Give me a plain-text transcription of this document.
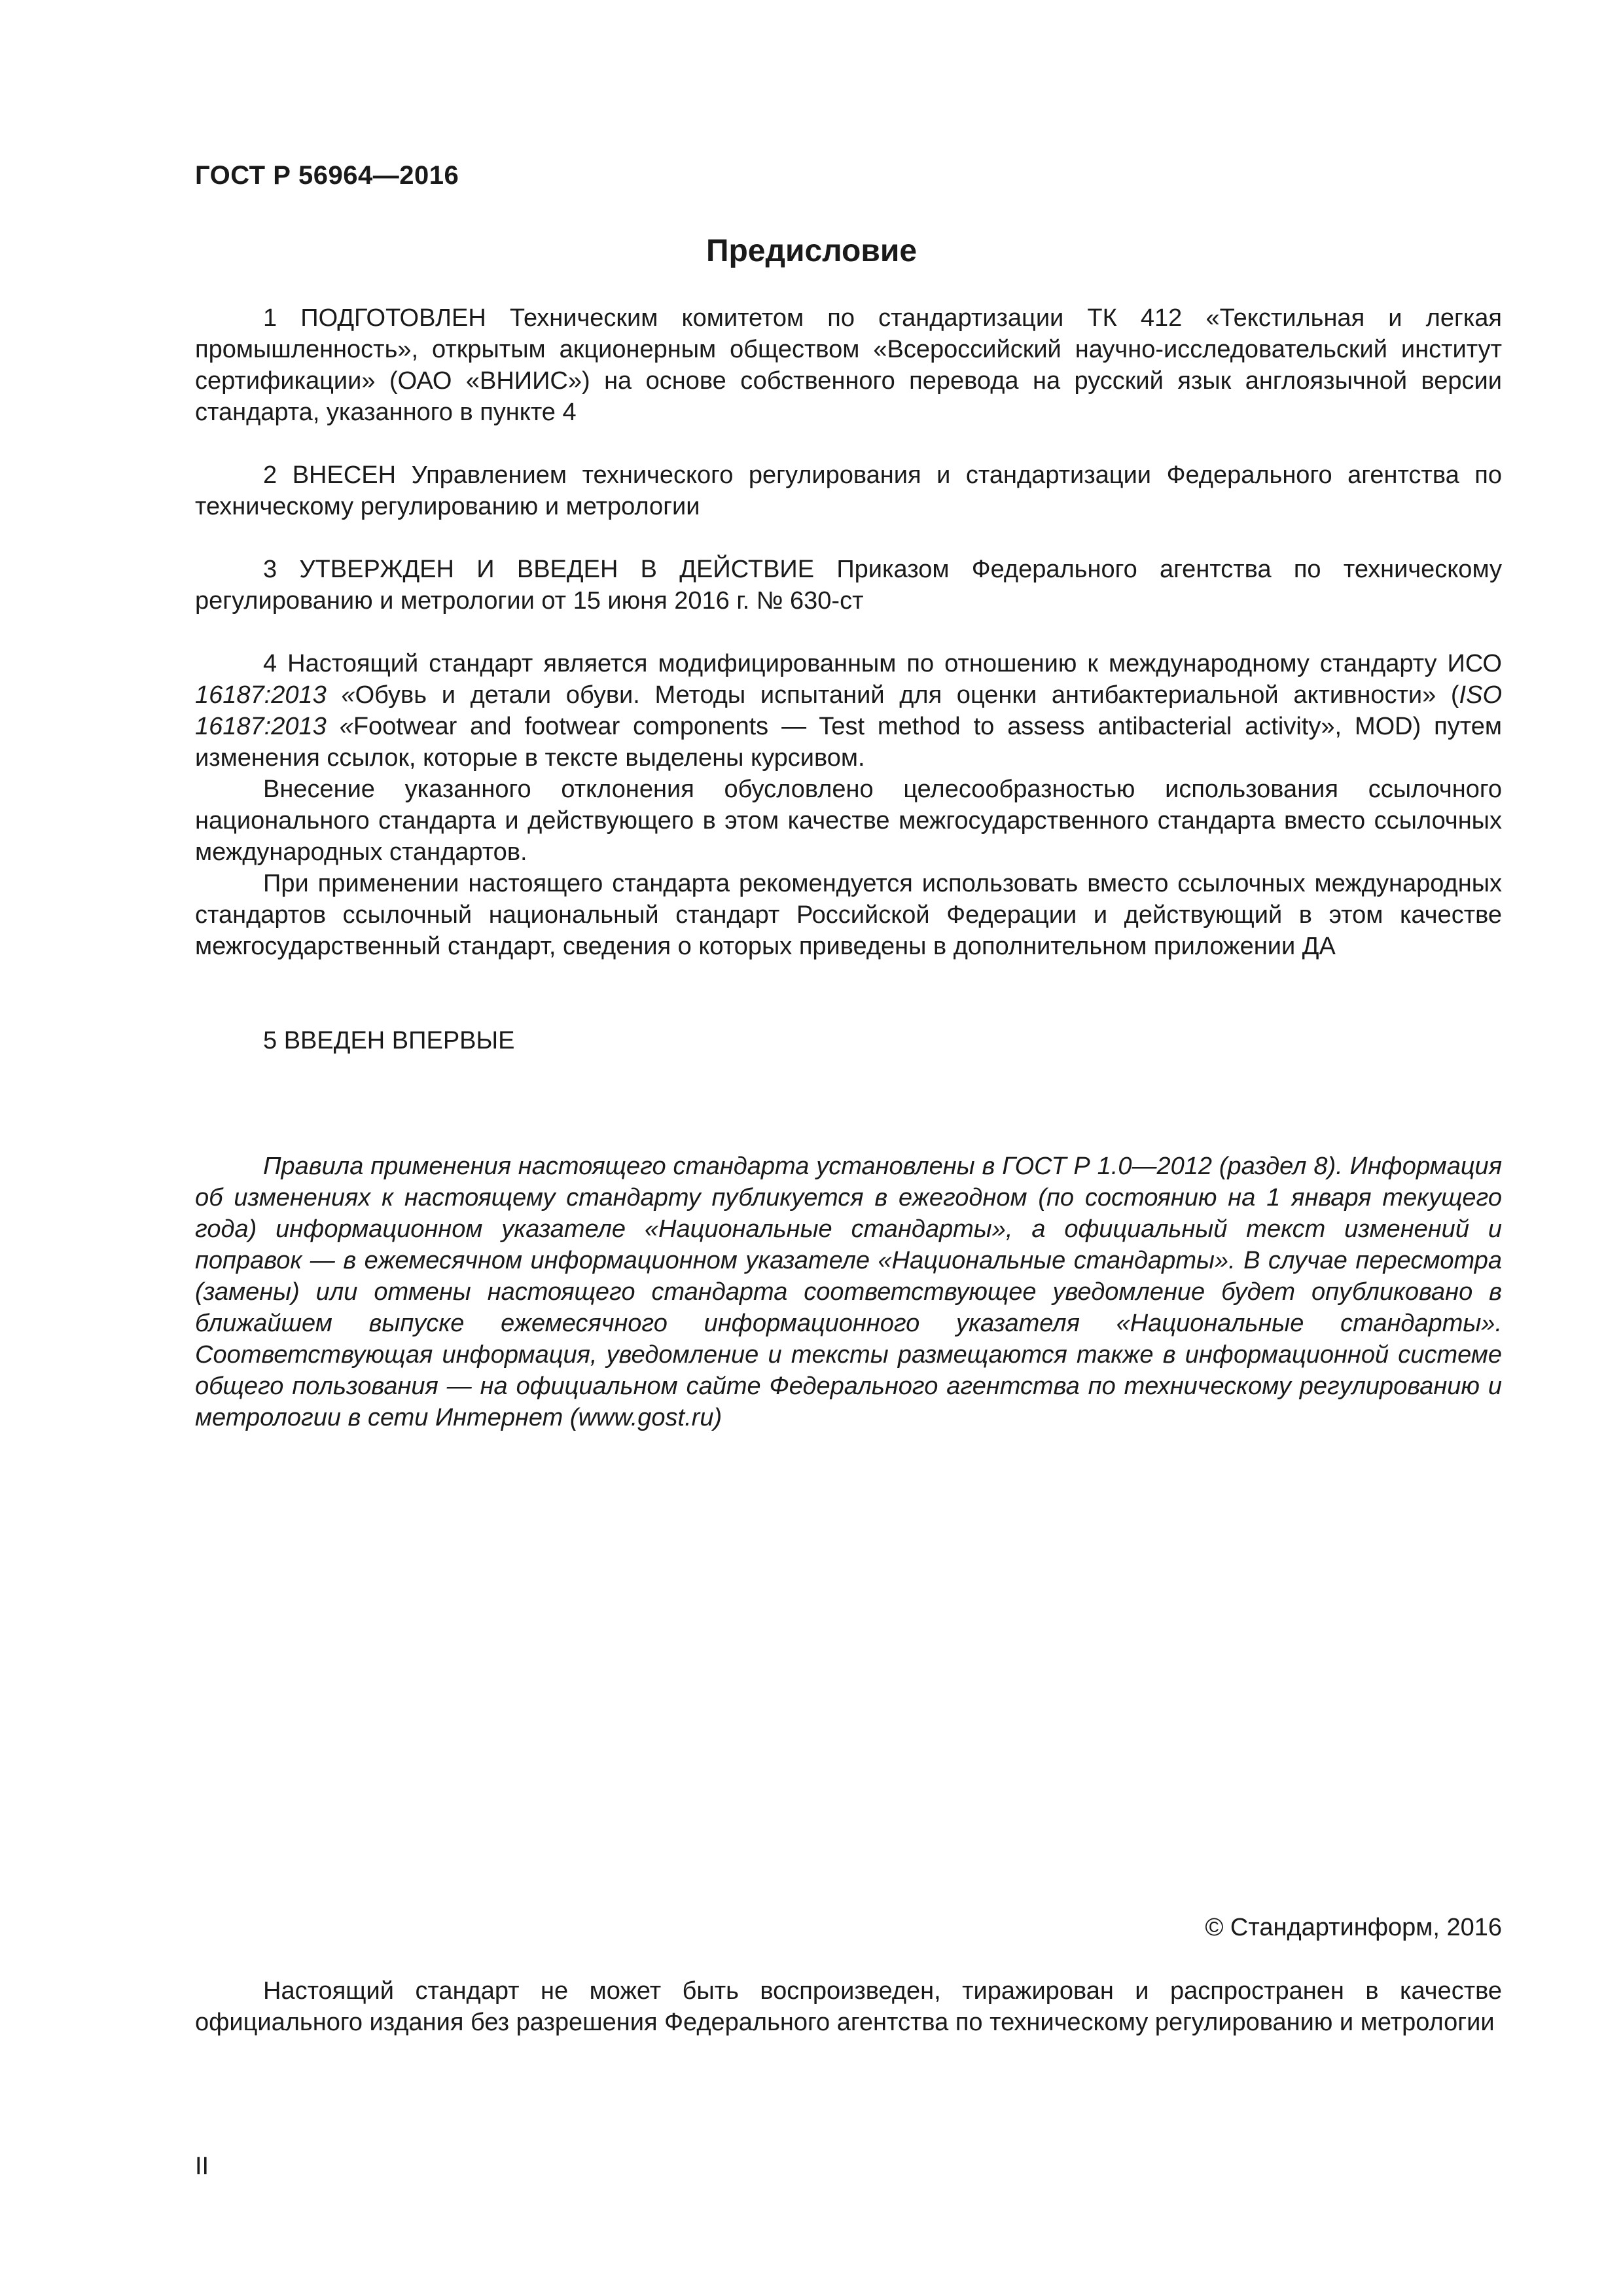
ГОСТ Р 56964—2016
Предисловие

1 ПОДГОТОВЛЕН Техническим комитетом по стандартизации ТК 412 «Текстильная и легкая промышленность», открытым акционерным обществом «Всероссийский научно-исследовательский институт сертификации» (ОАО «ВНИИС») на основе собственного перевода на русский язык англоязычной версии стандарта, указанного в пункте 4

2 ВНЕСЕН Управлением технического регулирования и стандартизации Федерального агентства по техническому регулированию и метрологии

3 УТВЕРЖДЕН И ВВЕДЕН В ДЕЙСТВИЕ Приказом Федерального агентства по техническому регулированию и метрологии от 15 июня 2016 г. № 630-ст

4 Настоящий стандарт является модифицированным по отношению к международному стандарту ИСО 16187:2013 «Обувь и детали обуви. Методы испытаний для оценки антибактериальной активности» (ISO 16187:2013 «Footwear and footwear components — Test method to assess antibacterial activity», MOD) путем изменения ссылок, которые в тексте выделены курсивом.

Внесение указанного отклонения обусловлено целесообразностью использования ссылочного национального стандарта и действующего в этом качестве межгосударственного стандарта вместо ссылочных международных стандартов.

При применении настоящего стандарта рекомендуется использовать вместо ссылочных международных стандартов ссылочный национальный стандарт Российской Федерации и действующий в этом качестве межгосударственный стандарт, сведения о которых приведены в дополнительном приложении ДА

5 ВВЕДЕН ВПЕРВЫЕ

Правила применения настоящего стандарта установлены в ГОСТ Р 1.0—2012 (раздел 8). Информация об изменениях к настоящему стандарту публикуется в ежегодном (по состоянию на 1 января текущего года) информационном указателе «Национальные стандарты», а официальный текст изменений и поправок — в ежемесячном информационном указателе «Национальные стандарты». В случае пересмотра (замены) или отмены настоящего стандарта соответствующее уведомление будет опубликовано в ближайшем выпуске ежемесячного информационного указателя «Национальные стандарты». Соответствующая информация, уведомление и тексты размещаются также в информационной системе общего пользования — на официальном сайте Федерального агентства по техническому регулированию и метрологии в сети Интернет (www.gost.ru)

© Стандартинформ, 2016

Настоящий стандарт не может быть воспроизведен, тиражирован и распространен в качестве официального издания без разрешения Федерального агентства по техническому регулированию и метрологии

II
